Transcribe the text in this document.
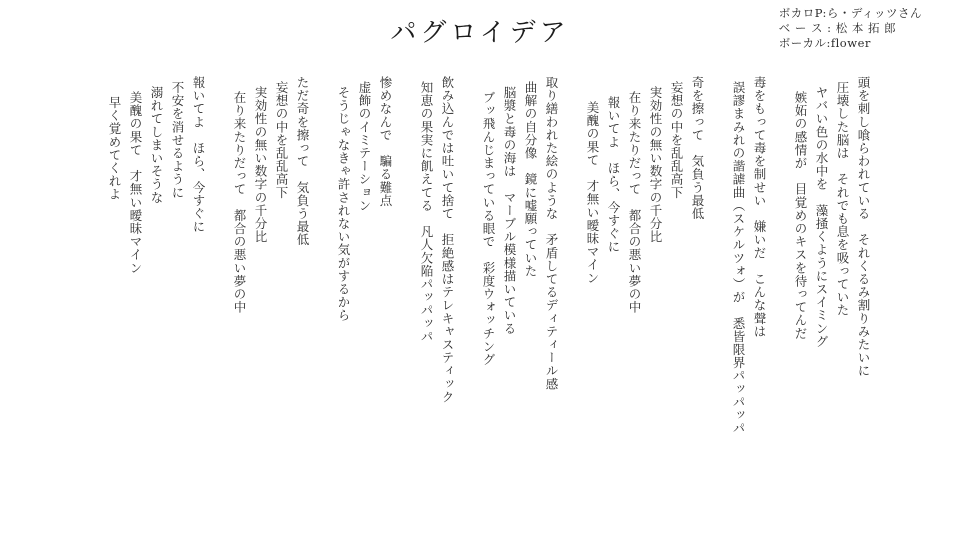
ボカロP:ら・ディッツさん
ベ ー ス : 松 本 拓 郎
ボーカル:flower
パグロイデア

頭を刺し喰らわれている　それくるみ割りみたいに

圧壊した脳は　それでも息を吸っていた

ヤバい色の水中を　藻掻くようにスイミング

嫉妬の感情が　目覚めのキスを待ってんだ

毒をもって毒を制せい　嫌いだ　こんな聲は

誤謬まみれの諧謔曲（スケルツォ）が　悉皆限界パッパッパ

奇を擦って　気負う最低

妄想の中を乱乱高下

実効性の無い数字の千分比

在り来たりだって　都合の悪い夢の中

報いてよ　ほら、今すぐに

美醜の果て　才無い曖昧マイン

取り繕われた絵のような　矛盾してるディティール感

曲解の自分像　鏡に嘘願っていた

脳漿と毒の海は　マーブル模様描いている

ブッ飛んじまっている眼で　彩度ウォッチング

飲み込んでは吐いて捨て　拒絶感はテレキャスティック

知恵の果実に飢えてる　凡人欠陥パッパッパ

惨めなんで　騙る難点

虚飾のイミテーション

そうじゃなきゃ許されない気がするから

ただ奇を擦って　気負う最低

妄想の中を乱乱高下

実効性の無い数字の千分比

在り来たりだって　都合の悪い夢の中

報いてよ　ほら、今すぐに

不安を消せるように

溺れてしまいそうな

美醜の果て　才無い曖昧マイン

早く覚めてくれよ
